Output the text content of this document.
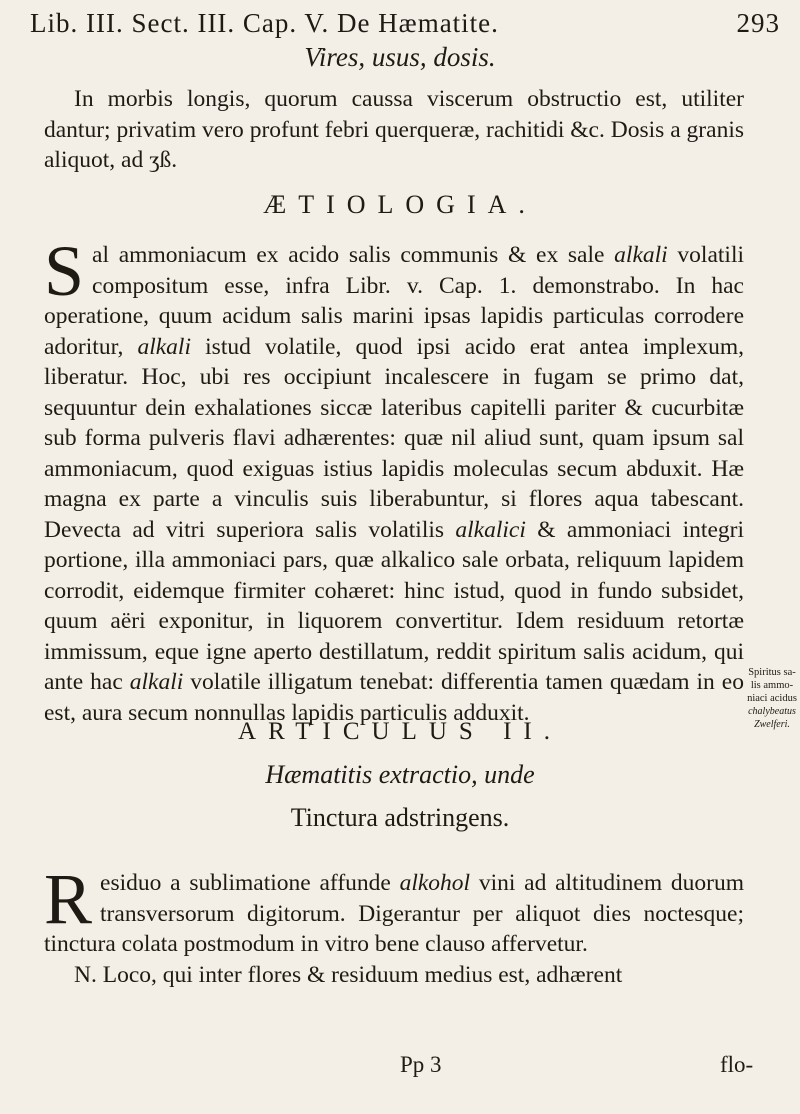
Lib. III. Sect. III. Cap. V. De Hæmatite.	293
Vires, usus, dosis.

In morbis longis, quorum caussa viscerum obstructio est, utiliter dantur; privatim vero profunt febri querqueræ, rachitidi &c. Dosis a granis aliquot, ad ʒß.

ÆTIOLOGIA.
S al ammoniacum ex acido salis communis & ex sale alkali volatili compositum esse, infra Libr. v. Cap. 1. demonstrabo. In hac operatione, quum acidum salis marini ipsas lapidis particulas corrodere adoritur, alkali istud volatile, quod ipsi acido erat antea implexum, liberatur. Hoc, ubi res occipiunt incalescere in fugam se primo dat, sequuntur dein exhalationes siccæ lateribus capitelli pariter & cucurbitæ sub forma pulveris flavi adhærentes: quæ nil aliud sunt, quam ipsum sal ammoniacum, quod exiguas istius lapidis moleculas secum abduxit. Hæ magna ex parte a vinculis suis liberabuntur, si flores aqua tabescant. Devecta ad vitri superiora salis volatilis alkalici & ammoniaci integri portione, illa ammoniaci pars, quæ alkalico sale orbata, reliquum lapidem corrodit, eidemque firmiter cohæret: hinc istud, quod in fundo subsidet, quum aëri exponitur, in liquorem convertitur. Idem residuum retortæ immissum, eque igne aperto destillatum, reddit spiritum salis acidum, qui ante hac alkali volatile illigatum tenebat: differentia tamen quædam in eo est, aura secum nonnullas lapidis particulis adduxit.
Spiritus sa-
lis ammo-
niaci acidus
chalybeatus
Zwelferi.
ARTICULUS II.
Hæmatitis extractio, unde
Tinctura adstringens.
R esiduo a sublimatione affunde alkohol vini ad altitudinem duorum transversorum digitorum. Digerantur per aliquot dies noctesque; tinctura colata postmodum in vitro bene clauso affervetur.

N. Loco, qui inter flores & residuum medius est, adhærent

Pp 3	flo-
